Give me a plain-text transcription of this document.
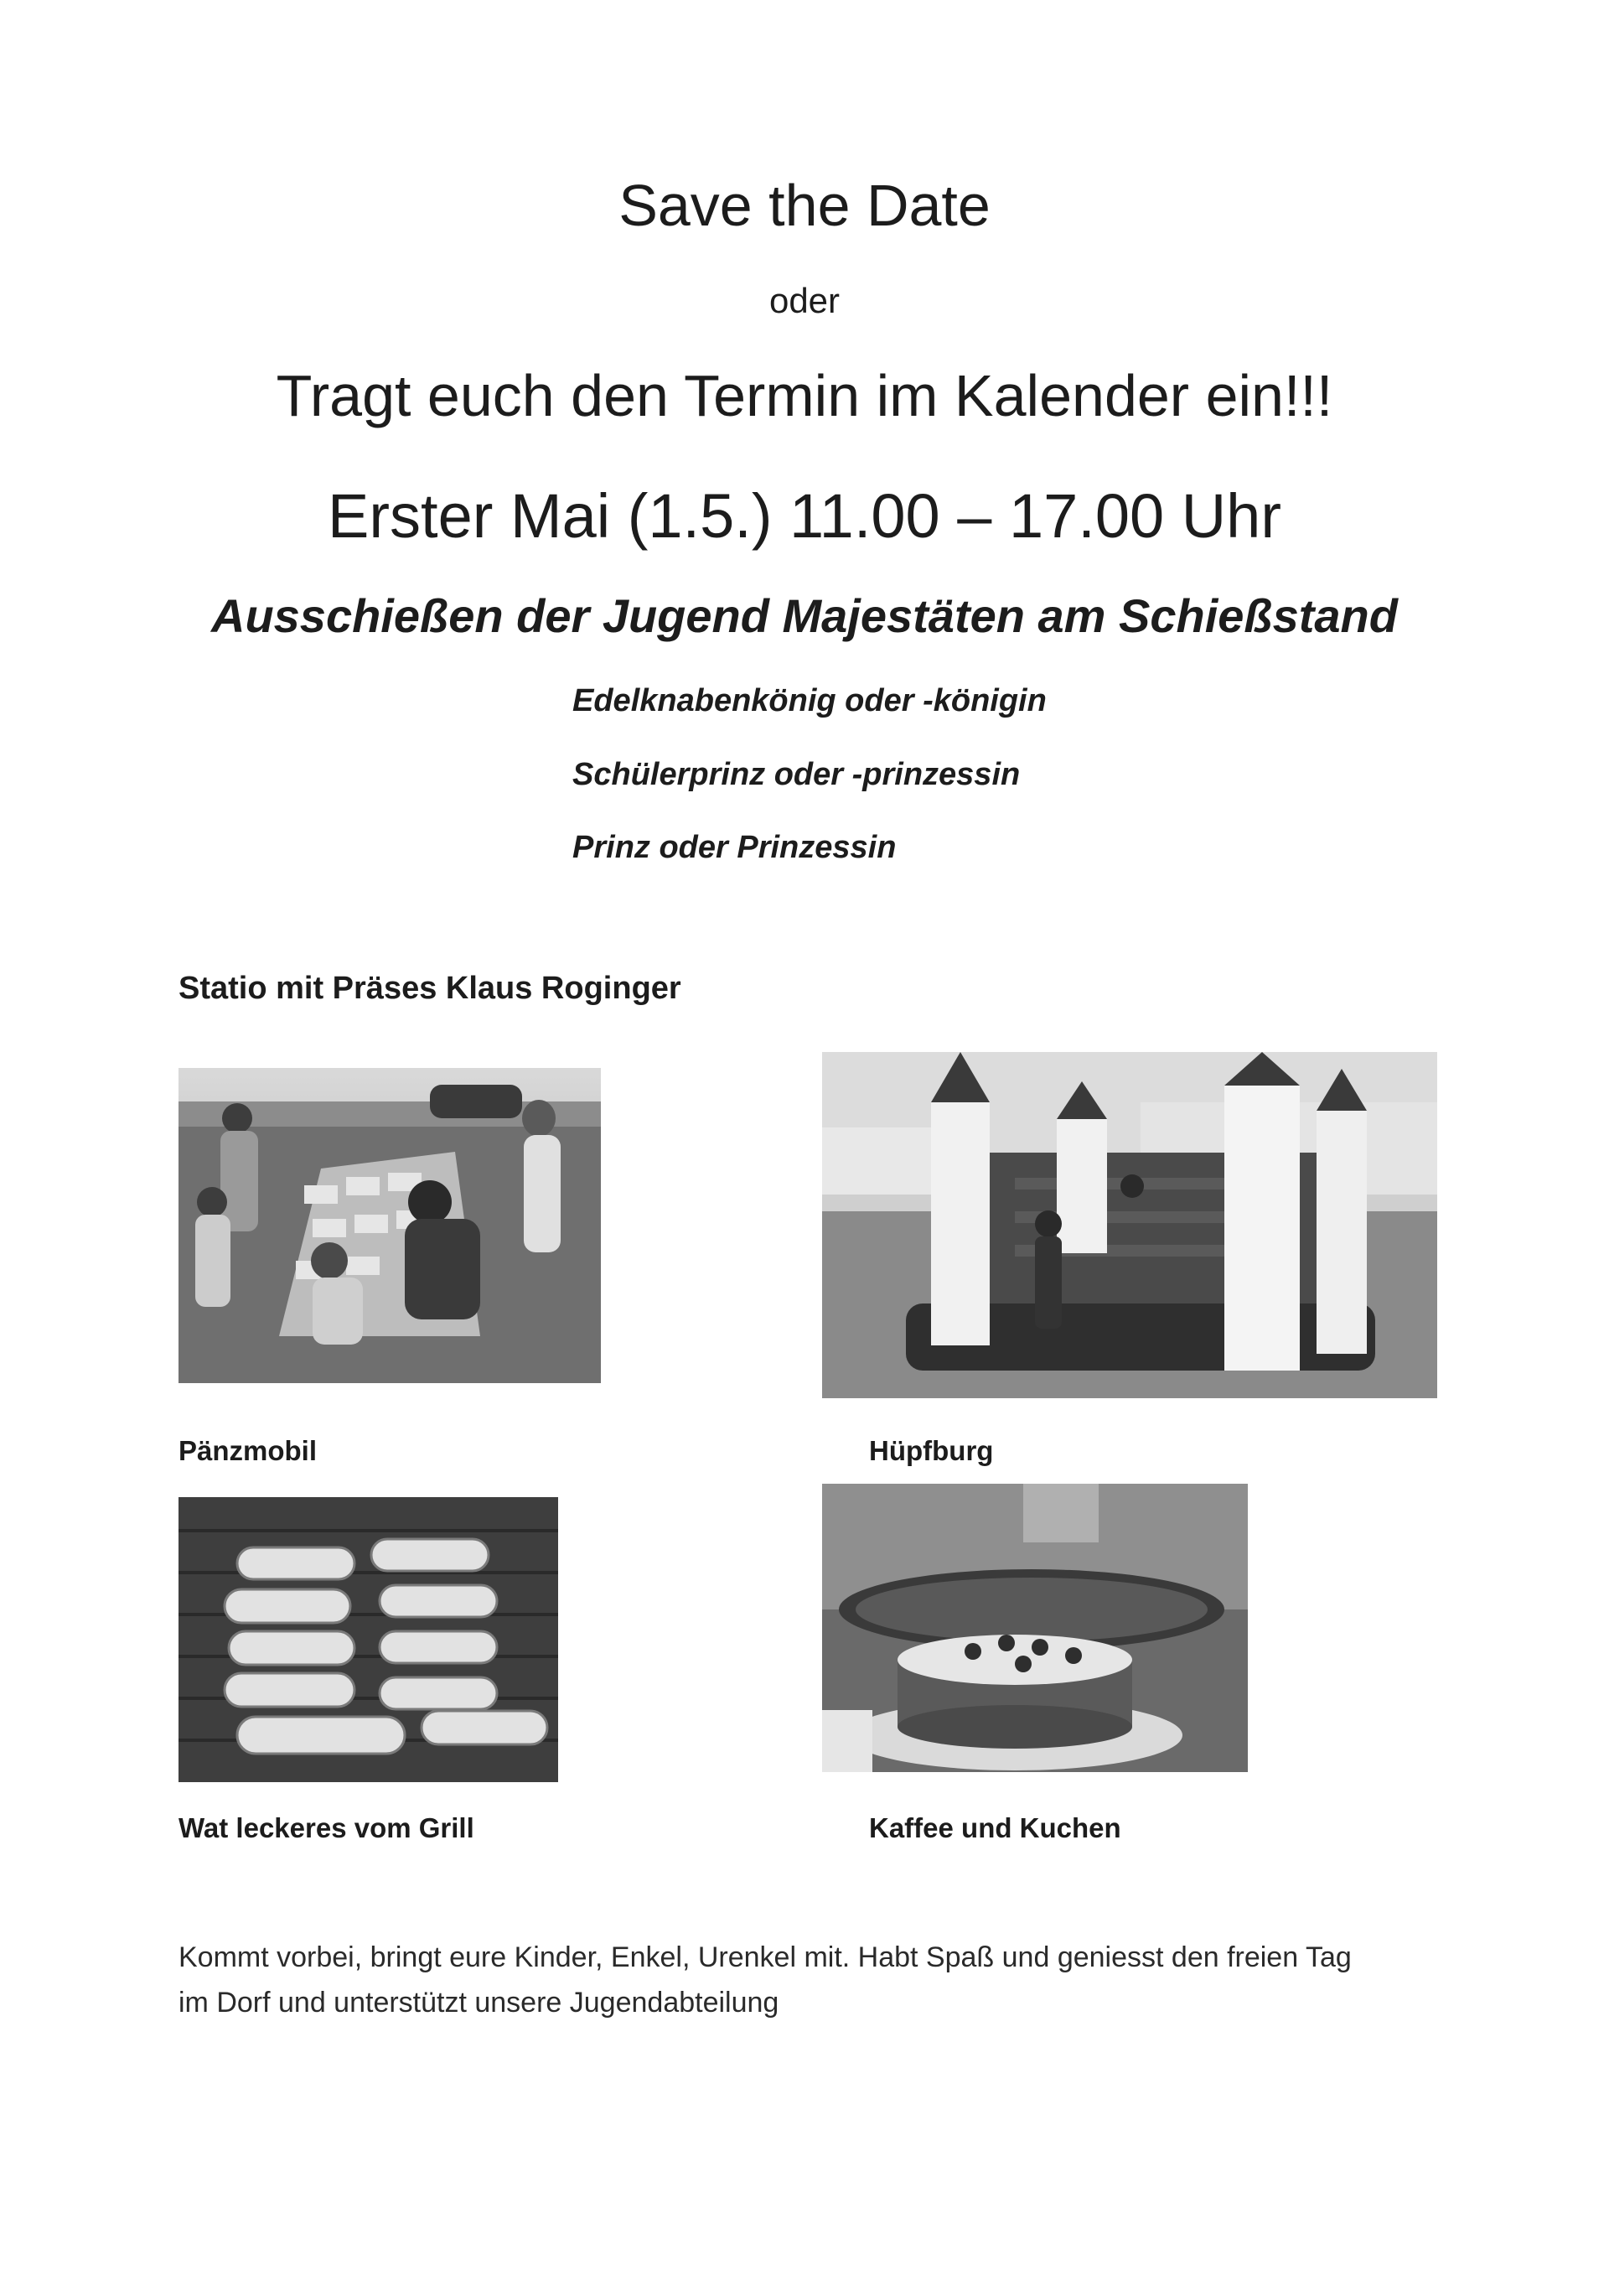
Save the Date
oder
Tragt euch den Termin im Kalender ein!!!
Erster Mai (1.5.) 11.00 – 17.00 Uhr
Ausschießen der Jugend Majestäten am Schießstand
Edelknabenkönig oder -königin
Schülerprinz oder -prinzessin
Prinz oder Prinzessin
Statio mit Präses Klaus Roginger
Pänzmobil	Hüpfburg
Wat leckeres vom Grill	Kaffee und Kuchen
Kommt vorbei, bringt eure Kinder, Enkel, Urenkel mit. Habt Spaß und geniesst den freien Tag
im Dorf und unterstützt unsere Jugendabteilung
